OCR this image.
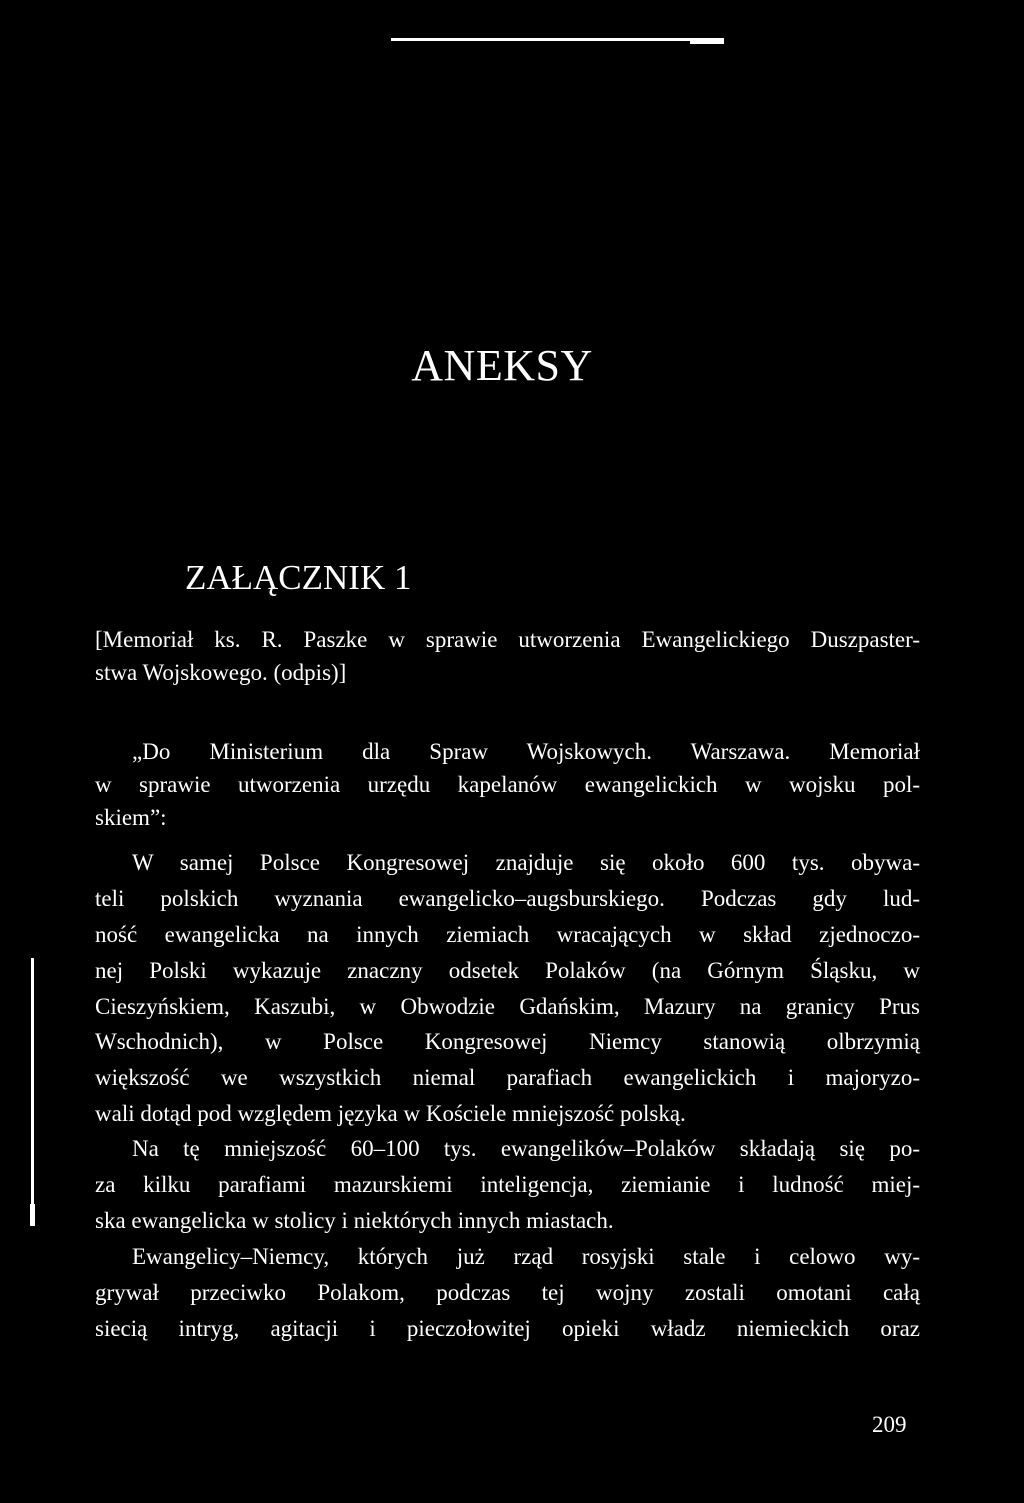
ANEKSY
ZAŁĄCZNIK 1

[Memoriał ks. R. Paszke w sprawie utworzenia Ewangelickiego Duszpaster-

stwa Wojskowego. (odpis)]

„Do Ministerium dla Spraw Wojskowych. Warszawa. Memoriał

w sprawie utworzenia urzędu kapelanów ewangelickich w wojsku pol-

skiem”:

W samej Polsce Kongresowej znajduje się około 600 tys. obywa-

teli polskich wyznania ewangelicko–augsburskiego. Podczas gdy lud-

ność ewangelicka na innych ziemiach wracających w skład zjednoczo-

nej Polski wykazuje znaczny odsetek Polaków (na Górnym Śląsku, w

Cieszyńskiem, Kaszubi, w Obwodzie Gdańskim, Mazury na granicy Prus

Wschodnich), w Polsce Kongresowej Niemcy stanowią olbrzymią

większość we wszystkich niemal parafiach ewangelickich i majoryzo-

wali dotąd pod względem języka w Kościele mniejszość polską.

Na tę mniejszość 60–100 tys. ewangelików–Polaków składają się po-

za kilku parafiami mazurskiemi inteligencja, ziemianie i ludność miej-

ska ewangelicka w stolicy i niektórych innych miastach.

Ewangelicy–Niemcy, których już rząd rosyjski stale i celowo wy-

grywał przeciwko Polakom, podczas tej wojny zostali omotani całą

siecią intryg, agitacji i pieczołowitej opieki władz niemieckich oraz

209
